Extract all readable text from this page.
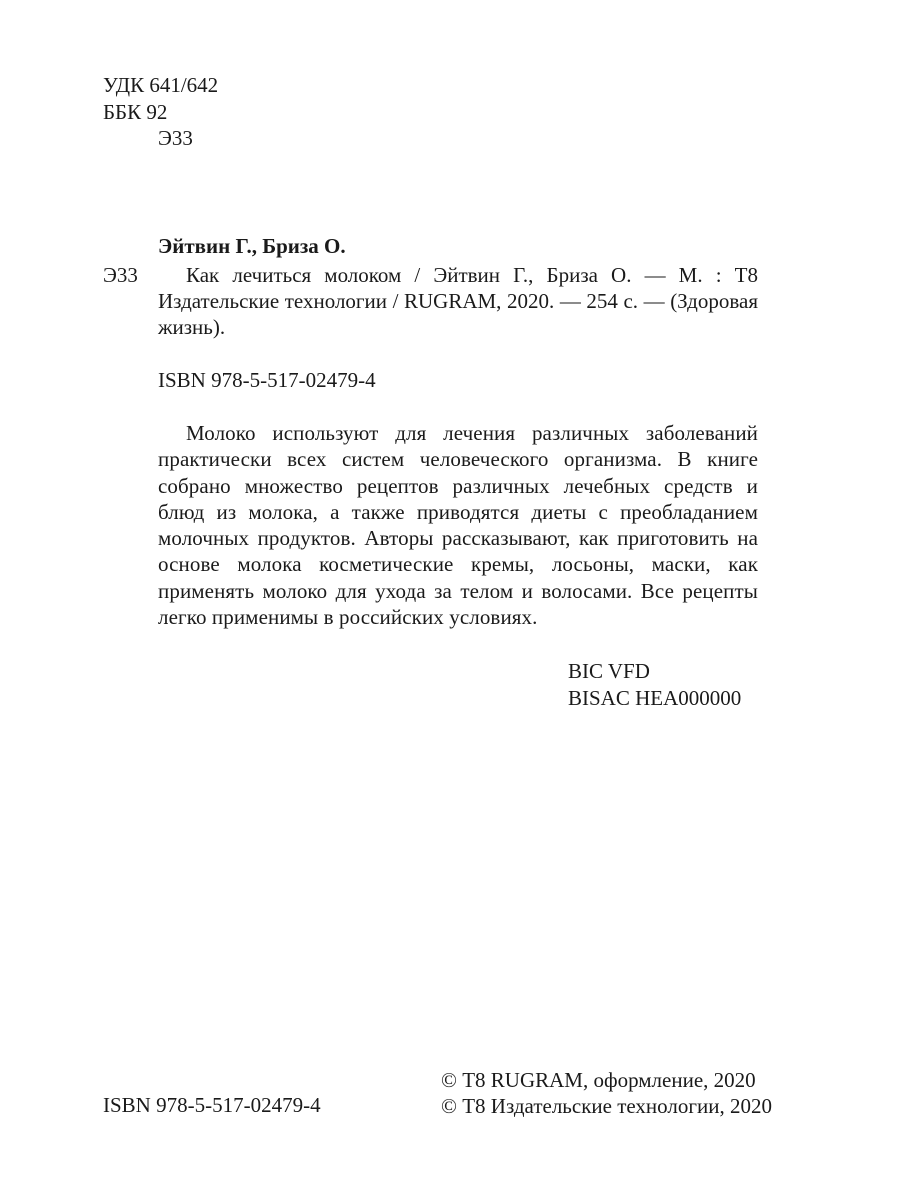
УДК 641/642
ББК 92
Э33
Эйтвин Г., Бриза О.
Э33	Как лечиться молоком / Эйтвин Г., Бриза О. — М. : Т8 Издательские технологии / RUGRAM, 2020. — 254 с. — (Здоровая жизнь).
ISBN 978-5-517-02479-4
Молоко используют для лечения различных заболеваний практически всех систем человеческого организма. В книге собрано множество рецептов различных лечебных средств и блюд из молока, а также приводятся диеты с преобладанием молочных продуктов. Авторы рассказывают, как приготовить на основе молока косметические кремы, лосьоны, маски, как применять молоко для ухода за телом и волосами. Все рецепты легко применимы в российских условиях.
BIC VFD
BISAC HEA000000
ISBN 978-5-517-02479-4
© Т8 RUGRAM, оформление, 2020
© Т8 Издательские технологии, 2020
